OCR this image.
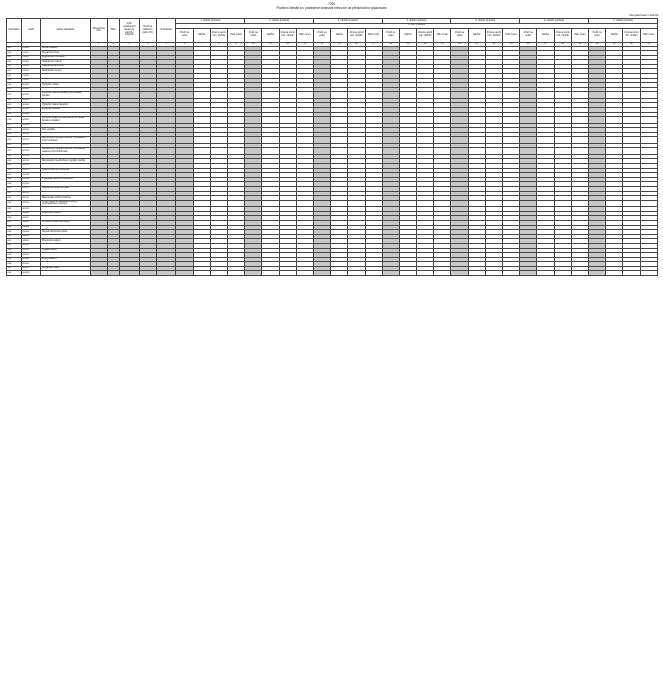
7209
Pozitivní čtenáři a v posledních dvanácti měsících od předchozího vykazování
Nevykazovat v tisících
Kód řádku	Oddíl	Název ukazatele	Skutečnost roku	Plán	Výše vykázaných dotací ze státního rozpočtu	Podíl na celkovém počtu (%)	Poznámka	1. období (pololetí)				2. období (pololetí)				3. období (pololetí)				4. období (pololetí)				5. období (pololetí)				6. období (pololetí)				7. období (pololetí)			
								Z toho v období																											
								Podíl na celku	Nárůst	Změna oproti min. období	Plán změn	Podíl na celku	Nárůst	Změna oproti min. období	Plán změn	Podíl na celku	Nárůst	Změna oproti min. období	Plán změn	Podíl na celku	Nárůst	Změna oproti min. období	Plán změn	Podíl na celku	Nárůst	Změna oproti min. období	Plán změn	Podíl na celku	Nárůst	Změna oproti min. období	Plán změn	Podíl na celku	Nárůst	Změna oproti min. období	Plán změn
			1	2	3	4	5	6	7	8	9	10	11	12	13	14	15	16	17	18	19	20	21	22	23	24	25	26	27	28	29	30	31	32	33
001	01/000	Čtenáři celkem																																	
002	01/001	Čtenáři do 15 let																																	
003	01/002	Registrovaní uživatelé																																	
004	01/003	Návštěvníci celkem																																	
005	01/004	Návštěvníci knihovny																																	
006	01/005	Návštěvníci on-line																																	
007	01/006																																		
008	01/007																																		
009	02/000	Výpůjčky celkem																																	
010	02/001																																		
011	02/002	Výpůjčky naučné literatury pro dospělé čtenáře																																	
012	02/003																																		
013	02/004	Výpůjčky krásné literatury																																	
014	02/005	Výpůjčky periodik																																	
015	02/006																																		
016	02/007	Výpůjčky ostatních dokumentů pro dětské čtenáře a mládež																																	
017	02/008																																		
018	02/009	Cizí výpůjčky																																	
019	02/010																																		
020	02/011	Meziknihovní výpůjční služba – požadavky z jiných knihoven																																	
021	02/012																																		
022	02/013	Meziknihovní výpůjční služba – požadavky zaslané jiným knihovnám																																	
023	02/014																																		
024	02/015	Mezinárodní meziknihovní výpůjční služba																																	
025	02/016																																		
026	02/017	Kulturní akce pro veřejnost																																	
027	02/018																																		
028	02/019	Vzdělávací akce pro veřejnost																																	
029	02/020																																		
030	02/021	Návštěvníci kulturních akcí																																	
031	02/022																																		
032	02/023	Elektronické služby knihovny																																	
033	02/024	Počet vstupů do katalogu knihovny prostřednictvím internetu																																	
034	02/025																																		
035	03/000	Dokumenty celkem																																	
036	03/001																																		
037	03/002	Přírůstek knihovního fondu																																	
038	03/003																																		
039	03/004	Úbytek knihovního fondu																																	
040	03/005																																		
041	04/000	Pracovníci celkem																																	
042	04/001																																		
043	05/000	Výdaje celkem																																	
044	05/001																																		
045	06/000	Příjmy celkem																																	
046	06/001																																		
047	06/002	Čtenářská místa																																	
048	06/003																																		
